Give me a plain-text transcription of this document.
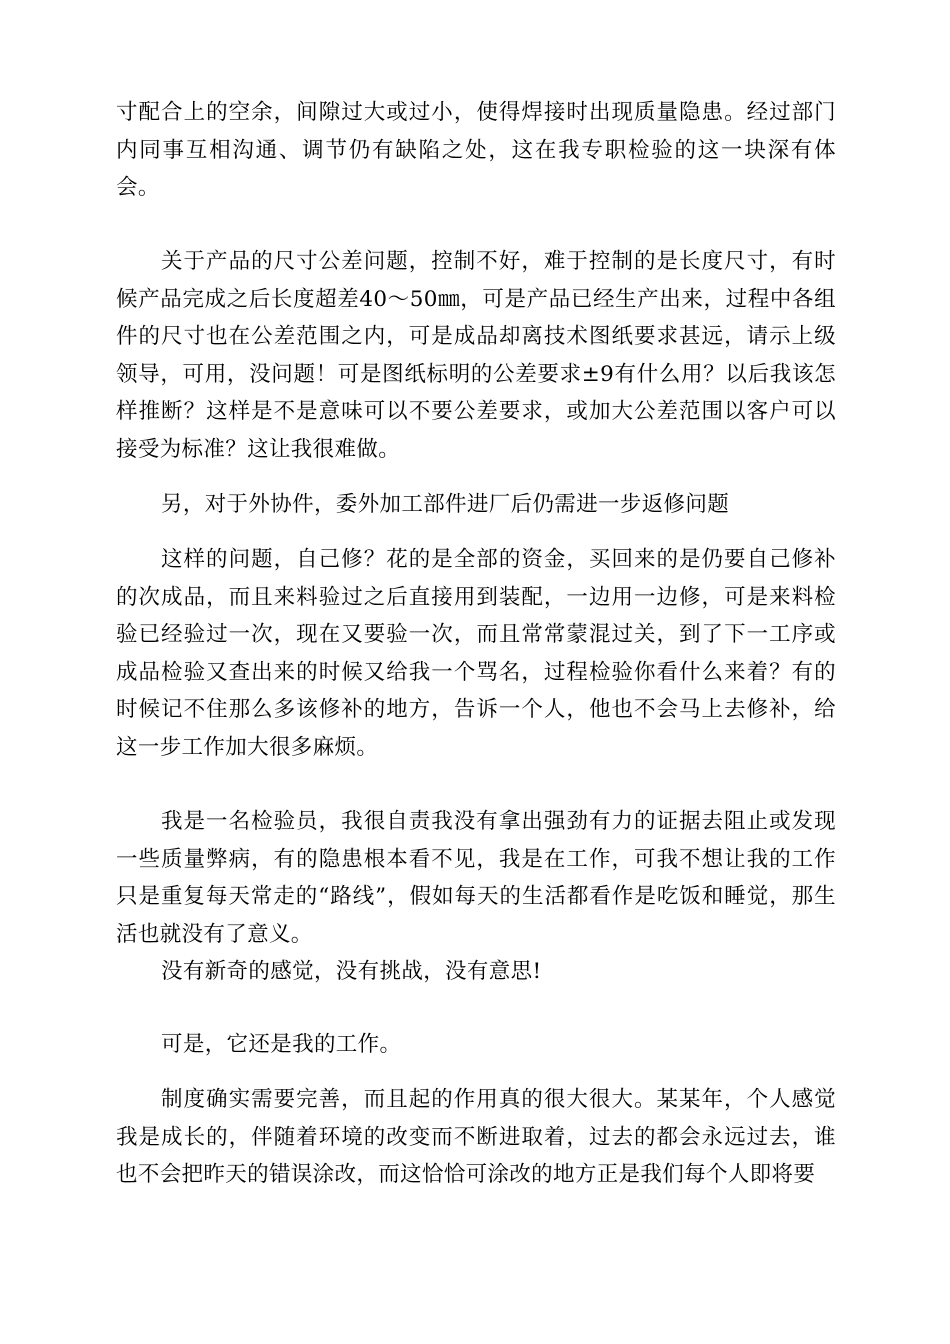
寸配合上的空余，间隙过大或过小，使得焊接时出现质量隐患。经过部门内同事互相沟通、调节仍有缺陷之处，这在我专职检验的这一块深有体会。

关于产品的尺寸公差问题，控制不好，难于控制的是长度尺寸，有时候产品完成之后长度超差40～50㎜，可是产品已经生产出来，过程中各组件的尺寸也在公差范围之内，可是成品却离技术图纸要求甚远，请示上级领导，可用，没问题！可是图纸标明的公差要求±9有什么用？以后我该怎样推断？这样是不是意味可以不要公差要求，或加大公差范围以客户可以接受为标准？这让我很难做。

另，对于外协件，委外加工部件进厂后仍需进一步返修问题

这样的问题，自己修？花的是全部的资金，买回来的是仍要自己修补的次成品，而且来料验过之后直接用到装配，一边用一边修，可是来料检验已经验过一次，现在又要验一次，而且常常蒙混过关，到了下一工序或成品检验又查出来的时候又给我一个骂名，过程检验你看什么来着？有的时候记不住那么多该修补的地方，告诉一个人，他也不会马上去修补，给这一步工作加大很多麻烦。

我是一名检验员，我很自责我没有拿出强劲有力的证据去阻止或发现一些质量弊病，有的隐患根本看不见，我是在工作，可我不想让我的工作只是重复每天常走的“路线”，假如每天的生活都看作是吃饭和睡觉，那生活也就没有了意义。

没有新奇的感觉，没有挑战，没有意思!

可是，它还是我的工作。

制度确实需要完善，而且起的作用真的很大很大。某某年，个人感觉我是成长的，伴随着环境的改变而不断进取着，过去的都会永远过去，谁也不会把昨天的错误涂改，而这恰恰可涂改的地方正是我们每个人即将要
